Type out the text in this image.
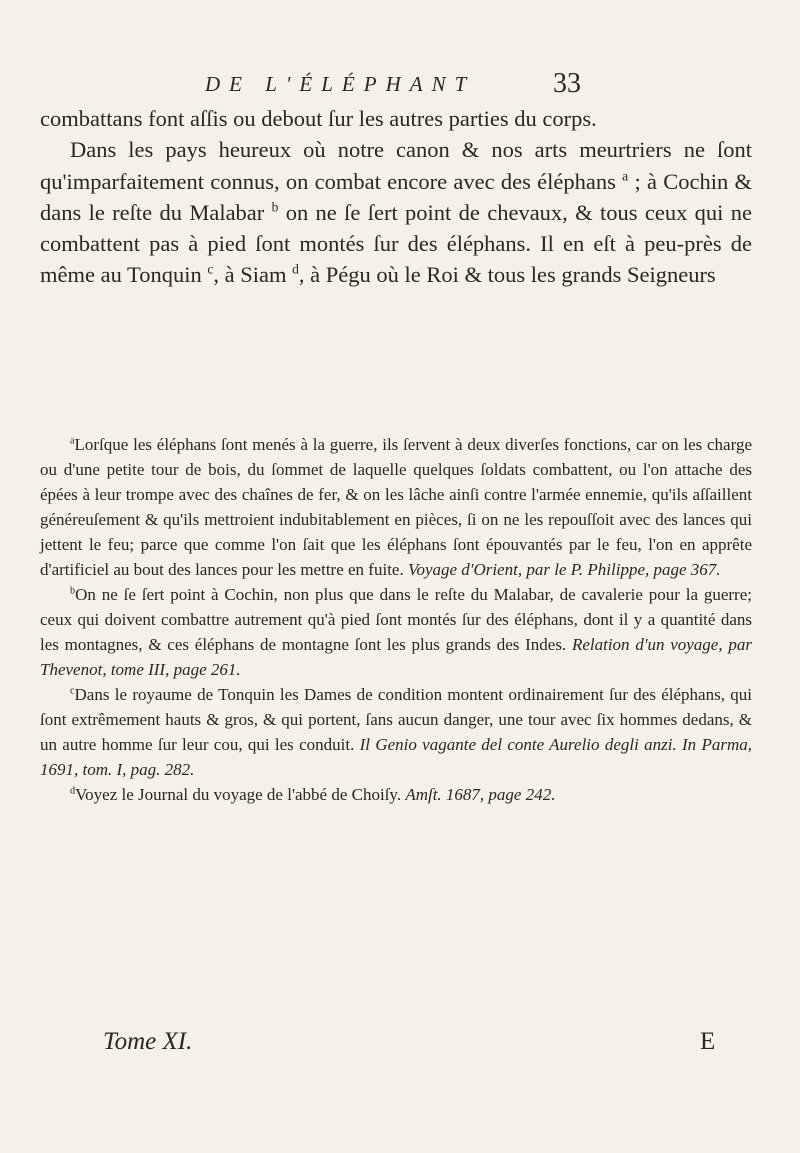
DE L'ÉLÉPHANT	33

combattans font aſſis ou debout ſur les autres parties du corps.

Dans les pays heureux où notre canon & nos arts meurtriers ne ſont qu'imparfaitement connus, on combat encore avec des éléphans $^a$ ; à Cochin & dans le reſte du Malabar $^b$ on ne ſe ſert point de chevaux, & tous ceux qui ne combattent pas à pied ſont montés ſur des éléphans. Il en eſt à peu-près de même au Tonquin $^c$, à Siam $^d$, à Pégu où le Roi & tous les grands Seigneurs

$^a$Lorſque les éléphans ſont menés à la guerre, ils ſervent à deux diverſes fonctions, car on les charge ou d'une petite tour de bois, du ſommet de laquelle quelques ſoldats combattent, ou l'on attache des épées à leur trompe avec des chaînes de fer, & on les lâche ainſi contre l'armée ennemie, qu'ils aſſaillent généreuſement & qu'ils mettroient indubitablement en pièces, ſi on ne les repouſſoit avec des lances qui jettent le feu; parce que comme l'on ſait que les éléphans ſont épouvantés par le feu, l'on en apprête d'artificiel au bout des lances pour les mettre en fuite. Voyage d'Orient, par le P. Philippe, page 367.

$^b$On ne ſe ſert point à Cochin, non plus que dans le reſte du Malabar, de cavalerie pour la guerre; ceux qui doivent combattre autrement qu'à pied ſont montés ſur des éléphans, dont il y a quantité dans les montagnes, & ces éléphans de montagne ſont les plus grands des Indes. Relation d'un voyage, par Thevenot, tome III, page 261.

$^c$Dans le royaume de Tonquin les Dames de condition montent ordinairement ſur des éléphans, qui ſont extrêmement hauts & gros, & qui portent, ſans aucun danger, une tour avec ſix hommes dedans, & un autre homme ſur leur cou, qui les conduit. Il Genio vagante del conte Aurelio degli anzi. In Parma, 1691, tom. I, pag. 282.

$^d$Voyez le Journal du voyage de l'abbé de Choiſy. Amſt. 1687, page 242.

Tome XI.	E
